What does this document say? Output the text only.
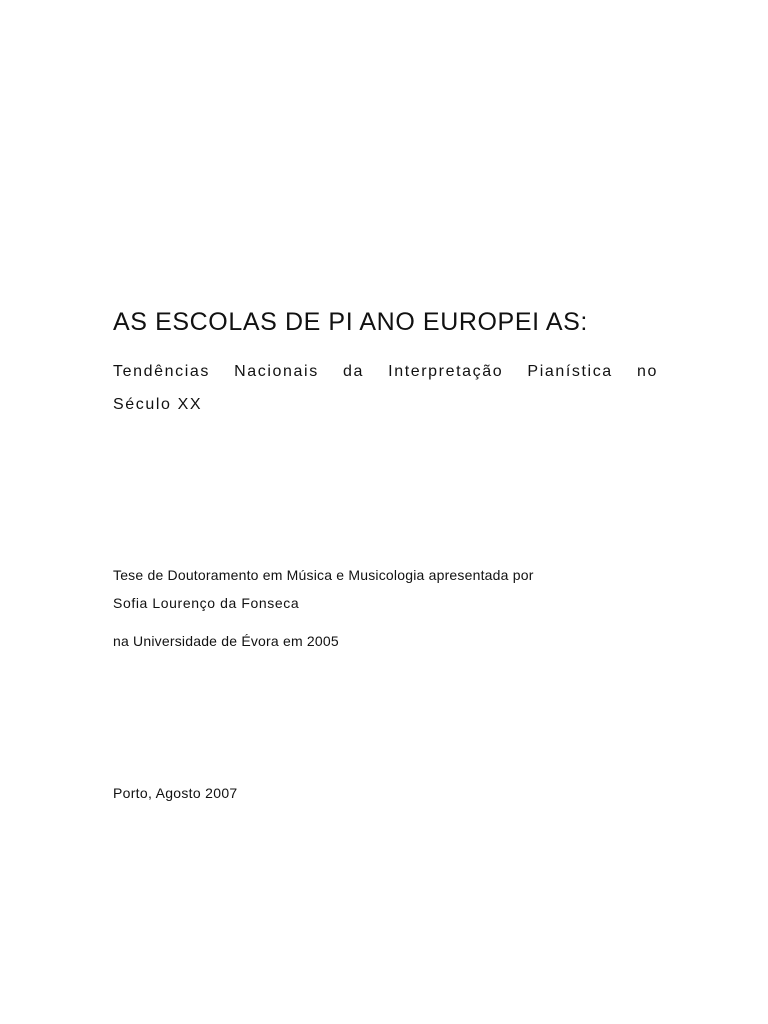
AS ESCOLAS DE PI ANO EUROPEI AS:
Tendências Nacionais da Interpretação Pianística no
Século XX

Tese de Doutoramento em Música e Musicologia apresentada por

Sofia Lourenço da Fonseca

na Universidade de Évora em 2005

Porto, Agosto 2007
